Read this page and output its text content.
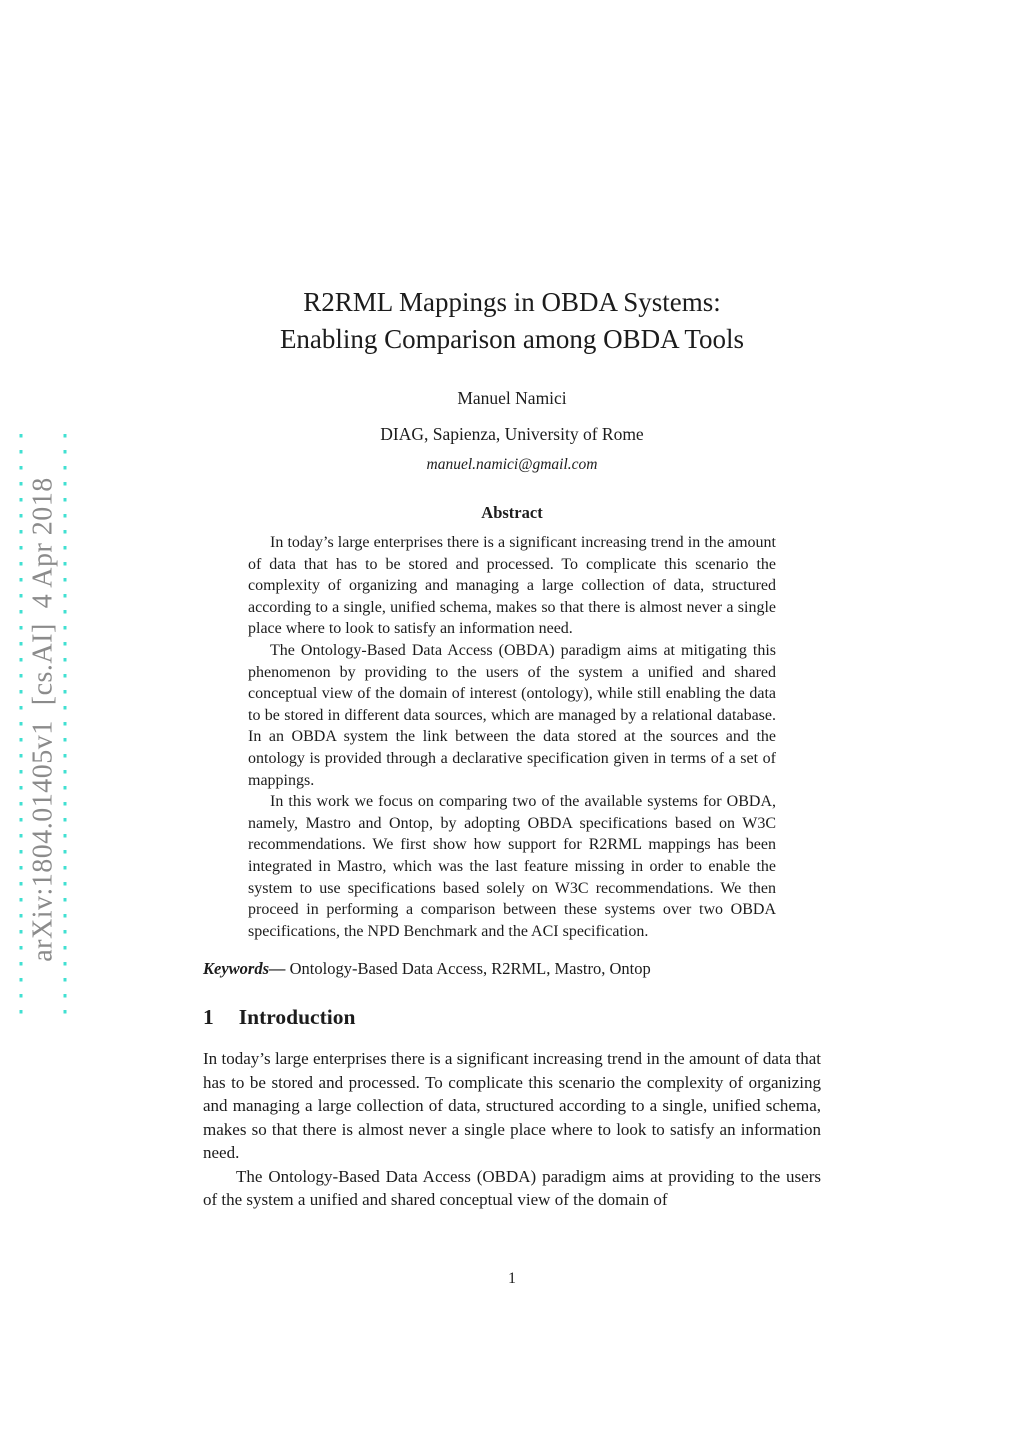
arXiv:1804.01405v1  [cs.AI]  4 Apr 2018
R2RML Mappings in OBDA Systems:
Enabling Comparison among OBDA Tools
Manuel Namici
DIAG, Sapienza, University of Rome
manuel.namici@gmail.com
Abstract

In today’s large enterprises there is a significant increasing trend in the amount of data that has to be stored and processed. To complicate this scenario the complexity of organizing and managing a large collection of data, structured according to a single, unified schema, makes so that there is almost never a single place where to look to satisfy an information need.

The Ontology-Based Data Access (OBDA) paradigm aims at mitigating this phenomenon by providing to the users of the system a unified and shared conceptual view of the domain of interest (ontology), while still enabling the data to be stored in different data sources, which are managed by a relational database. In an OBDA system the link between the data stored at the sources and the ontology is provided through a declarative specification given in terms of a set of mappings.

In this work we focus on comparing two of the available systems for OBDA, namely, Mastro and Ontop, by adopting OBDA specifications based on W3C recommendations. We first show how support for R2RML mappings has been integrated in Mastro, which was the last feature missing in order to enable the system to use specifications based solely on W3C recommendations. We then proceed in performing a comparison between these systems over two OBDA specifications, the NPD Benchmark and the ACI specification.

Keywords— Ontology-Based Data Access, R2RML, Mastro, Ontop
1 Introduction

In today’s large enterprises there is a significant increasing trend in the amount of data that has to be stored and processed. To complicate this scenario the complexity of organizing and managing a large collection of data, structured according to a single, unified schema, makes so that there is almost never a single place where to look to satisfy an information need.

The Ontology-Based Data Access (OBDA) paradigm aims at providing to the users of the system a unified and shared conceptual view of the domain of

1
